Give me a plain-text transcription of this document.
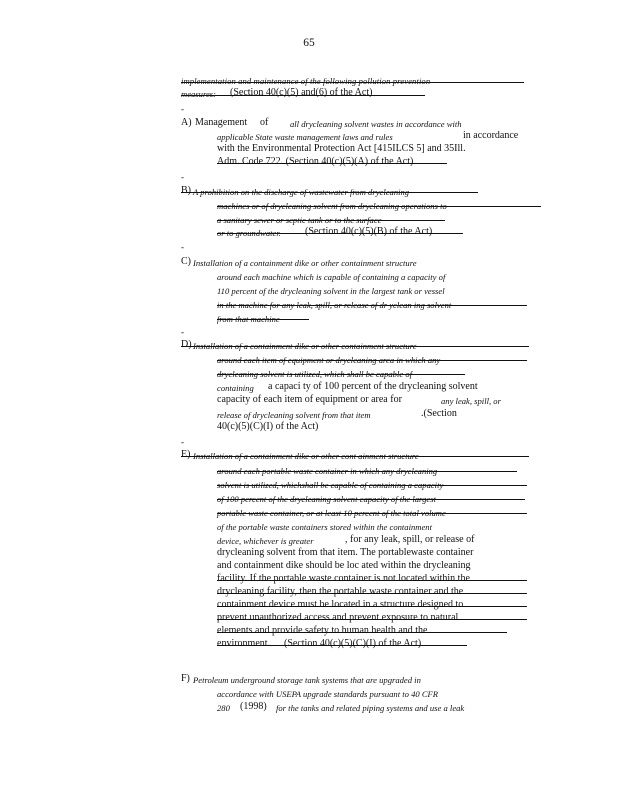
65
implementation and maintenance of the following pollution prevention
measures: (Section 40(c)(5) and(6) of the Act)
-
A) Management of	all drycleaning solvent wastes in accordance with
applicable State waste management laws and rules	in accordance
with the Environmental Protection Act [415ILCS 5] and 35Ill.
Adm. Code 722. (Section 40(c)(5)(A) of the Act)
-
B) A prohibition on the discharge of wastewater from drycleaning
machines or of drycleaning solvent from drycleaning operations to
a sanitary sewer or septic tank or to the surface
or to groundwater. (Section 40(c)(5)(B) of the Act)
-
C) Installation of a containment dike or other containment structure
around each machine which is capable of containing a capacity of
110 percent of the drycleaning solvent in the largest tank or vessel
in the machine for any leak, spill, or release of dr yclean ing solvent
from that machine
-
D) Installation of a containment dike or other containment structure
around each item of equipment or drycleaning area in which any
drycleaning solvent is utilized, which shall be capable of
containing a capaci ty of 100 percent of the drycleaning solvent
capacity of each item of equipment or area for	any leak, spill, or
release of drycleaning solvent from that item	.(Section
40(c)(5)(C)(I) of the Act)
-
E) Installation of a containment dike or other cont ainment structure
around each portable waste container in which any drycleaning
solvent is utilized, whichshall be capable of containing a capacity
of 100 percent of the drycleaning solvent capacity of the largest
portable waste container, or at least 10 percent of the total volume
of the portable waste containers stored within the containment
device, whichever is greater	, for any leak, spill, or release of
drycleaning solvent from that item. The portablewaste container
and containment dike should be loc ated within the drycleaning
facility. If the portable waste container is not located within the
drycleaning facility, then the portable waste container and the
containment device must be located in a structure designed to
prevent unauthorized access and prevent exposure to natural
elements and provide safety to human health and the
environment. (Section 40(c)(5)(C)(I) of the Act)
F) Petroleum underground storage tank systems that are upgraded in
accordance with USEPA upgrade standards pursuant to 40 CFR
280 (1998) for the tanks and related piping systems and use a leak
